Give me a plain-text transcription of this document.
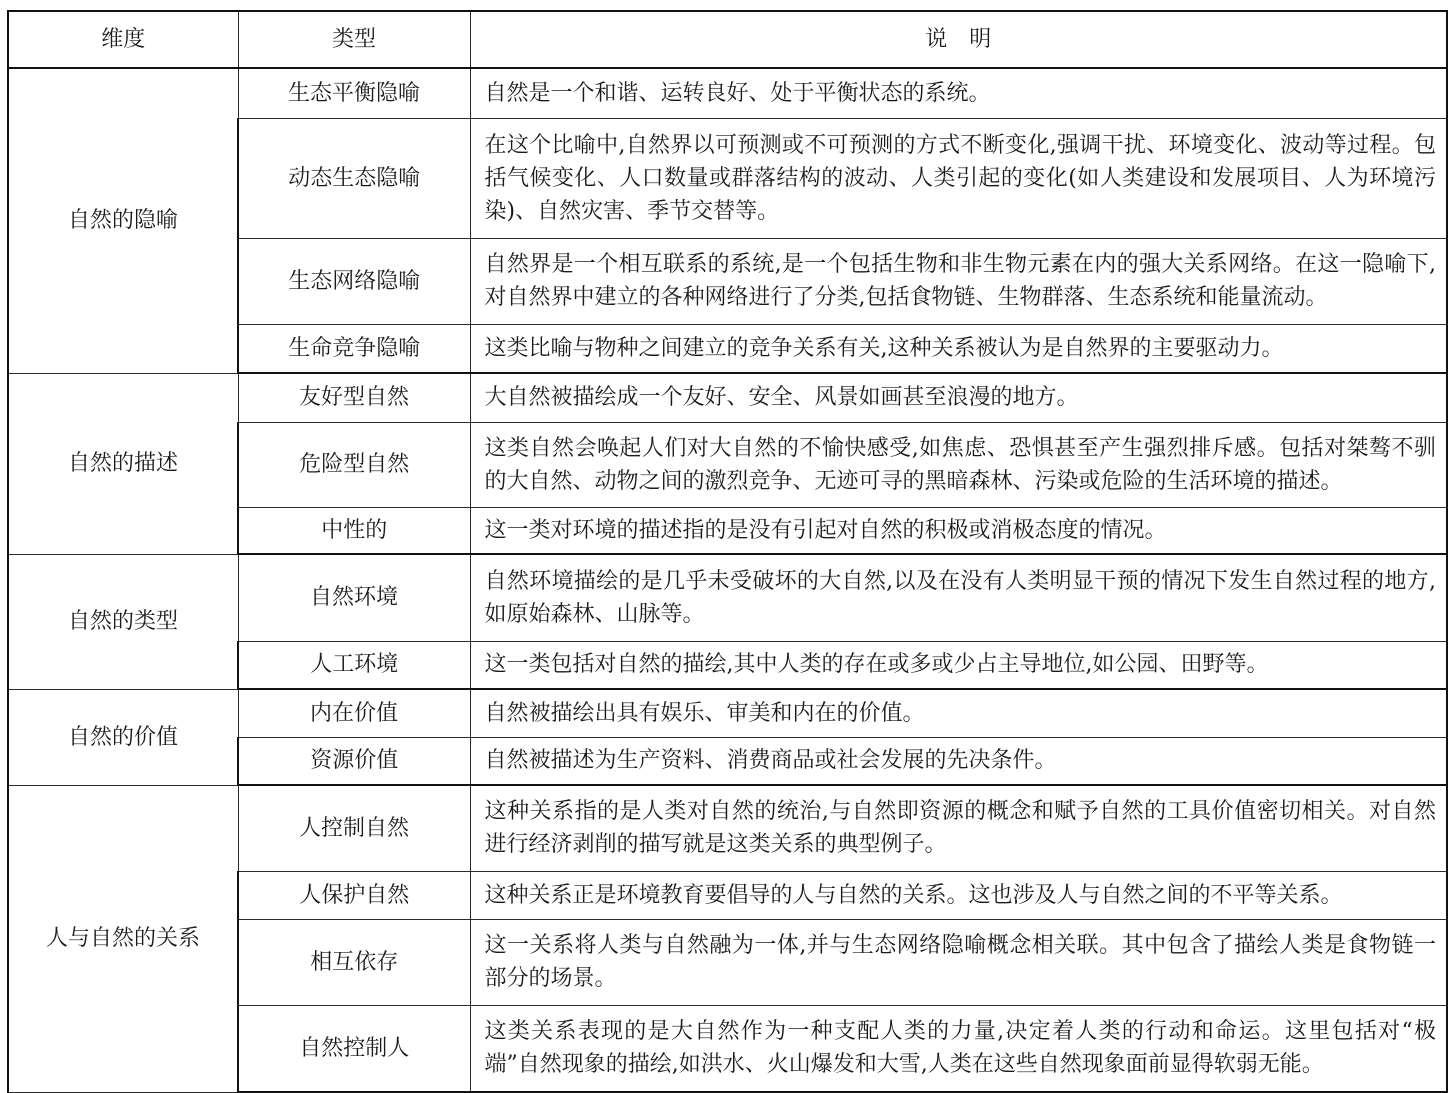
维度	类型	说　明
自然的隐喻	生态平衡隐喻	自然是一个和谐、运转良好、处于平衡状态的系统。
	动态生态隐喻	在这个比喻中,自然界以可预测或不可预测的方式不断变化,强调干扰、环境变化、波动等过程。包括气候变化、人口数量或群落结构的波动、人类引起的变化(如人类建设和发展项目、人为环境污染)、自然灾害、季节交替等。
	生态网络隐喻	自然界是一个相互联系的系统,是一个包括生物和非生物元素在内的强大关系网络。在这一隐喻下,对自然界中建立的各种网络进行了分类,包括食物链、生物群落、生态系统和能量流动。
	生命竞争隐喻	这类比喻与物种之间建立的竞争关系有关,这种关系被认为是自然界的主要驱动力。
自然的描述	友好型自然	大自然被描绘成一个友好、安全、风景如画甚至浪漫的地方。
	危险型自然	这类自然会唤起人们对大自然的不愉快感受,如焦虑、恐惧甚至产生强烈排斥感。包括对桀骜不驯的大自然、动物之间的激烈竞争、无迹可寻的黑暗森林、污染或危险的生活环境的描述。
	中性的	这一类对环境的描述指的是没有引起对自然的积极或消极态度的情况。
自然的类型	自然环境	自然环境描绘的是几乎未受破坏的大自然,以及在没有人类明显干预的情况下发生自然过程的地方,如原始森林、山脉等。
	人工环境	这一类包括对自然的描绘,其中人类的存在或多或少占主导地位,如公园、田野等。
自然的价值	内在价值	自然被描绘出具有娱乐、审美和内在的价值。
	资源价值	自然被描述为生产资料、消费商品或社会发展的先决条件。
人与自然的关系	人控制自然	这种关系指的是人类对自然的统治,与自然即资源的概念和赋予自然的工具价值密切相关。对自然进行经济剥削的描写就是这类关系的典型例子。
	人保护自然	这种关系正是环境教育要倡导的人与自然的关系。这也涉及人与自然之间的不平等关系。
	相互依存	这一关系将人类与自然融为一体,并与生态网络隐喻概念相关联。其中包含了描绘人类是食物链一部分的场景。
	自然控制人	这类关系表现的是大自然作为一种支配人类的力量,决定着人类的行动和命运。这里包括对“极端”自然现象的描绘,如洪水、火山爆发和大雪,人类在这些自然现象面前显得软弱无能。
